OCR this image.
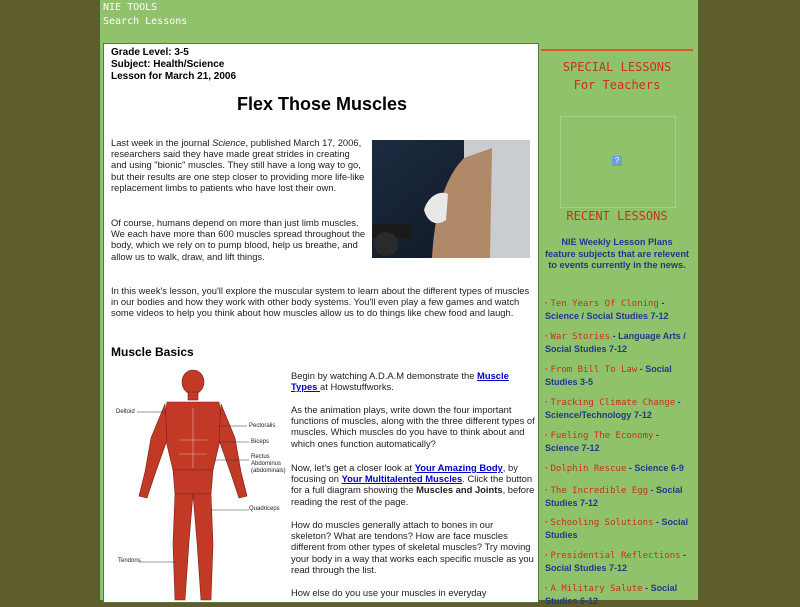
NIE TOOLS
Search Lessons
Grade Level: 3-5
Subject: Health/Science
Lesson for March 21, 2006
Flex Those Muscles
Last week in the journal Science, published March 17, 2006, researchers said they have made great strides in creating and using "bionic" muscles. They still have a long way to go, but their results are one step closer to providing more life-like replacement limbs to patients who have lost their own.
Of course, humans depend on more than just limb muscles. We each have more than 600 muscles spread throughout the body, which we rely on to pump blood, help us breathe, and allow us to walk, draw, and lift things.
In this week's lesson, you'll explore the muscular system to learn about the different types of muscles in our bodies and how they work with other body systems. You'll even play a few games and watch some videos to help you think about how muscles allow us to do things like chew food and laugh.
Muscle Basics
Deltoid
Pectoralis
Biceps
Rectus Abdominus (abdominals)
Quadriceps
Tendons
Begin by watching A.D.A.M demonstrate the Muscle Types at Howstuffworks.
As the animation plays, write down the four important functions of muscles, along with the three different types of muscles. Which muscles do you have to think about and which ones function automatically?
Now, let's get a closer look at Your Amazing Body, by focusing on Your Multitalented Muscles. Click the button for a full diagram showing the Muscles and Joints, before reading the rest of the page.
How do muscles generally attach to bones in our skeleton? What are tendons? How are face muscles different from other types of skeletal muscles? Try moving your body in a way that works each specific muscle as you read through the list.
How else do you use your muscles in everyday
SPECIAL LESSONS
For Teachers
?
RECENT LESSONS
NIE Weekly Lesson Plans feature subjects that are relevent to events currently in the news.
· Ten Years Of Cloning - Science / Social Studies 7-12
· War Stories - Language Arts / Social Studies 7-12
· From Bill To Law - Social Studies 3-5
· Tracking Climate Change - Science/Technology 7-12
· Fueling The Economy - Science 7-12
· Dolphin Rescue - Science 6-9
· The Incredible Egg - Social Studies 7-12
· Schooling Solutions - Social Studies
· Presidential Reflections - Social Studies 7-12
· A Military Salute - Social Studies 6-12
